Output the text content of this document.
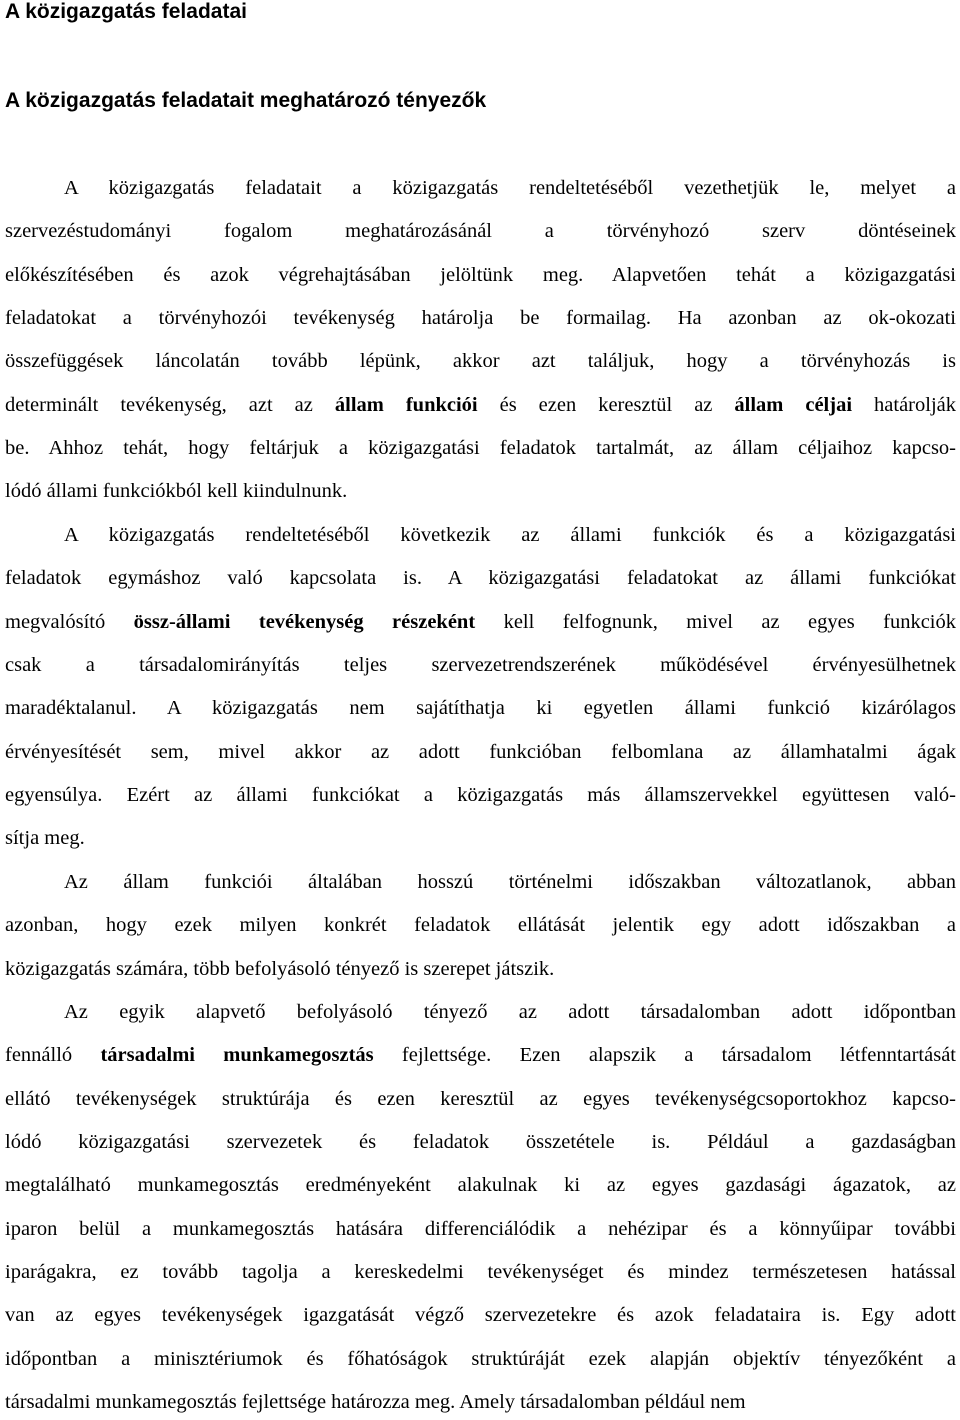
A közigazgatás feladatai
A közigazgatás feladatait meghatározó tényezők
A közigazgatás feladatait a közigazgatás rendeltetéséből vezethetjük le, melyet a
szervezéstudományi fogalom meghatározásánál a törvényhozó szerv döntéseinek
előkészítésében és azok végrehajtásában jelöltünk meg. Alapvetően tehát a közigazgatási
feladatokat a törvényhozói tevékenység határolja be formailag. Ha azonban az ok-okozati
összefüggések láncolatán tovább lépünk, akkor azt találjuk, hogy a törvényhozás is
determinált tevékenység, azt az állam funkciói és ezen keresztül az állam céljai határolják
be. Ahhoz tehát, hogy feltárjuk a közigazgatási feladatok tartalmát, az állam céljaihoz kapcso-
lódó állami funkciókból kell kiindulnunk.
A közigazgatás rendeltetéséből következik az állami funkciók és a közigazgatási
feladatok egymáshoz való kapcsolata is. A közigazgatási feladatokat az állami funkciókat
megvalósító össz-állami tevékenység részeként kell felfognunk, mivel az egyes funkciók
csak a társadalomirányítás teljes szervezetrendszerének működésével érvényesülhetnek
maradéktalanul. A közigazgatás nem sajátíthatja ki egyetlen állami funkció kizárólagos
érvényesítését sem, mivel akkor az adott funkcióban felbomlana az államhatalmi ágak
egyensúlya. Ezért az állami funkciókat a közigazgatás más államszervekkel együttesen való-
sítja meg.
Az állam funkciói általában hosszú történelmi időszakban változatlanok, abban
azonban, hogy ezek milyen konkrét feladatok ellátását jelentik egy adott időszakban a
közigazgatás számára, több befolyásoló tényező is szerepet játszik.
Az egyik alapvető befolyásoló tényező az adott társadalomban adott időpontban
fennálló társadalmi munkamegosztás fejlettsége. Ezen alapszik a társadalom létfenntartását
ellátó tevékenységek struktúrája és ezen keresztül az egyes tevékenységcsoportokhoz kapcso-
lódó közigazgatási szervezetek és feladatok összetétele is. Például a gazdaságban
megtalálható munkamegosztás eredményeként alakulnak ki az egyes gazdasági ágazatok, az
iparon belül a munkamegosztás hatására differenciálódik a nehézipar és a könnyűipar további
iparágakra, ez tovább tagolja a kereskedelmi tevékenységet és mindez természetesen hatással
van az egyes tevékenységek igazgatását végző szervezetekre és azok feladataira is. Egy adott
időpontban a minisztériumok és főhatóságok struktúráját ezek alapján objektív tényezőként a
társadalmi munkamegosztás fejlettsége határozza meg. Amely társadalomban például nem
